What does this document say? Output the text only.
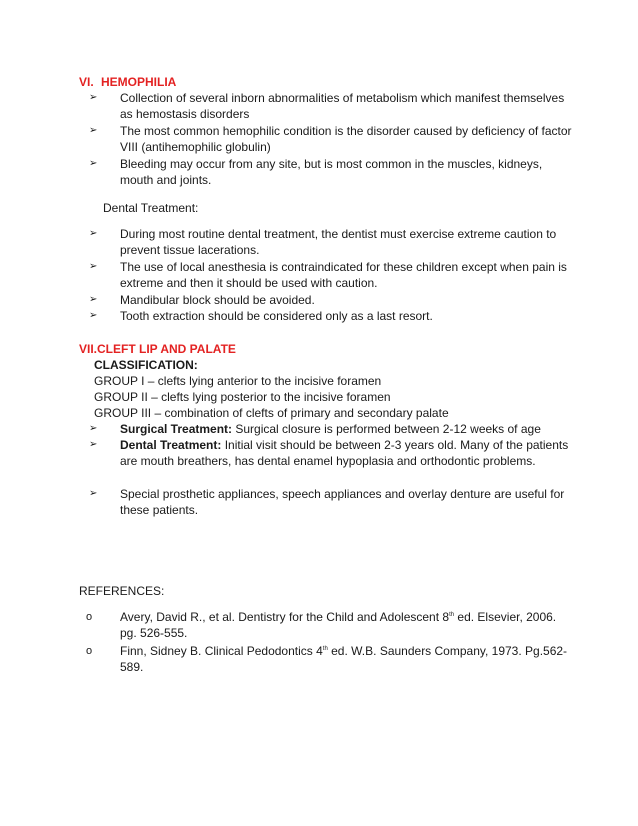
VI. HEMOPHILIA
➢	Collection of several inborn abnormalities of metabolism which manifest themselves as hemostasis disorders
➢	The most common hemophilic condition is the disorder caused by deficiency of factor VIII (antihemophilic globulin)
➢	Bleeding may occur from any site, but is most common in the muscles, kidneys, mouth and joints.
Dental Treatment:
➢	During most routine dental treatment, the dentist must exercise extreme caution to prevent tissue lacerations.
➢	The use of local anesthesia is contraindicated for these children except when pain is extreme and then it should be used with caution.
➢	Mandibular block should be avoided.
➢	Tooth extraction should be considered only as a last resort.
VII.CLEFT LIP AND PALATE
CLASSIFICATION:
GROUP I – clefts lying anterior to the incisive foramen
GROUP II – clefts lying posterior to the incisive foramen
GROUP III – combination of clefts of primary and secondary palate
➢	Surgical Treatment: Surgical closure is performed between 2-12 weeks of age
➢	Dental Treatment: Initial visit should be between 2-3 years old. Many of the patients are mouth breathers, has dental enamel hypoplasia and orthodontic problems.
➢	Special prosthetic appliances, speech appliances and overlay denture are useful for these patients.
REFERENCES:
o	Avery, David R., et al. Dentistry for the Child and Adolescent 8th ed. Elsevier, 2006. pg. 526-555.
o	Finn, Sidney B. Clinical Pedodontics 4th ed. W.B. Saunders Company, 1973. Pg.562-589.
